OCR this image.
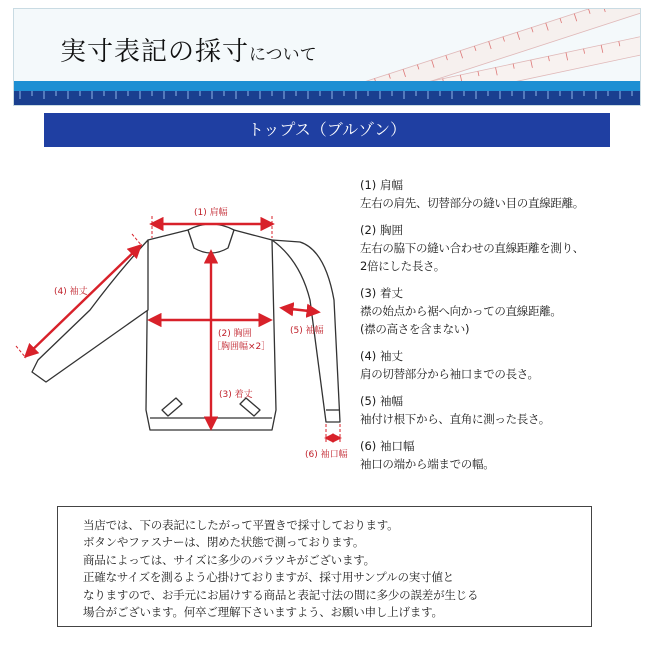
実寸表記の採寸について
トップス（ブルゾン）
(1) 肩幅
(2) 胸囲
［胸囲幅×2］
(3) 着丈
(4) 袖丈
(5) 袖幅
(6) 袖口幅
(1) 肩幅
左右の肩先、切替部分の縫い目の直線距離。
(2) 胸囲
左右の脇下の縫い合わせの直線距離を測り、
2倍にした長さ。
(3) 着丈
襟の始点から裾へ向かっての直線距離。
(襟の高さを含まない)
(4) 袖丈
肩の切替部分から袖口までの長さ。
(5) 袖幅
袖付け根下から、直角に測った長さ。
(6) 袖口幅
袖口の端から端までの幅。
当店では、下の表記にしたがって平置きで採寸しております。
ボタンやファスナーは、閉めた状態で測っております。
商品によっては、サイズに多少のバラツキがございます。
正確なサイズを測るよう心掛けておりますが、採寸用サンプルの実寸値と
なりますので、お手元にお届けする商品と表記寸法の間に多少の誤差が生じる
場合がございます。何卒ご理解下さいますよう、お願い申し上げます。
